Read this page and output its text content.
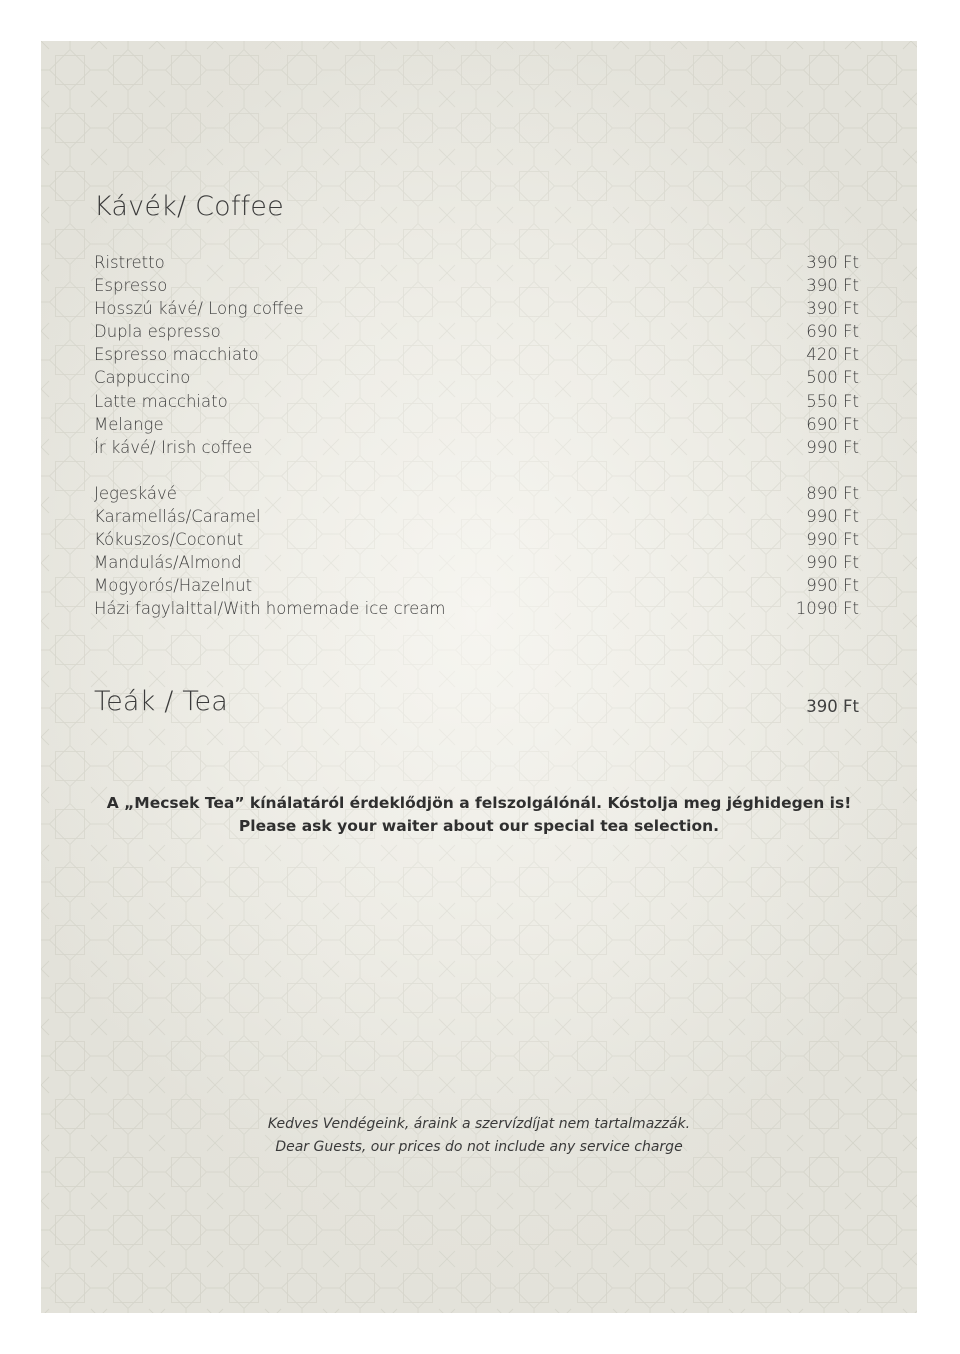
Kávék/ Coffee
Ristretto	390 Ft
Espresso	390 Ft
Hosszú kávé/ Long coffee	390 Ft
Dupla espresso	690 Ft
Espresso macchiato	420 Ft
Cappuccino	500 Ft
Latte macchiato	550 Ft
Melange	690 Ft
Ír kávé/ Irish coffee	990 Ft
Jegeskávé	890 Ft
Karamellás/Caramel	990 Ft
Kókuszos/Coconut	990 Ft
Mandulás/Almond	990 Ft
Mogyorós/Hazelnut	990 Ft
Házi fagylalttal/With homemade ice cream	1090 Ft
Teák / Tea	390 Ft
A „Mecsek Tea” kínálatáról érdeklődjön a felszolgálónál. Kóstolja meg jéghidegen is!
Please ask your waiter about our special tea selection.
Kedves Vendégeink, áraink a szervízdíjat nem tartalmazzák.
Dear Guests, our prices do not include any service charge
